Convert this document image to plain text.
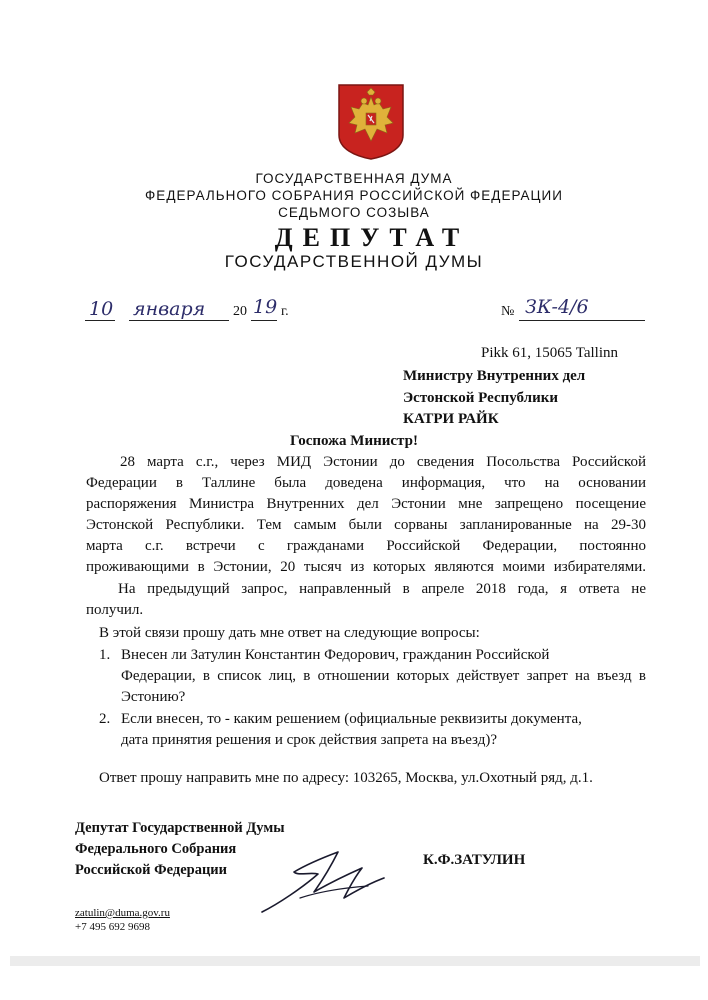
ГОСУДАРСТВЕННАЯ ДУМА
ФЕДЕРАЛЬНОГО СОБРАНИЯ РОССИЙСКОЙ ФЕДЕРАЦИИ
СЕДЬМОГО СОЗЫВА
ДЕПУТАТ
ГОСУДАРСТВЕННОЙ ДУМЫ
10 января 20 19 г.	№ ЗК-4/6
Pikk 61, 15065 Tallinn
Министру Внутренних дел
Эстонской Республики
КАТРИ РАЙК
Госпожа Министр!
28 марта с.г., через МИД Эстонии до сведения Посольства Российской
Федерации в Таллине была доведена информация, что на основании
распоряжения Министра Внутренних дел Эстонии мне запрещено посещение
Эстонской Республики. Тем самым были сорваны запланированные на 29-30
марта с.г. встречи с гражданами Российской Федерации, постоянно
проживающими в Эстонии, 20 тысяч из которых являются моими избирателями.
На предыдущий запрос, направленный в апреле 2018 года, я ответа не
получил.
В этой связи прошу дать мне ответ на следующие вопросы:
1. Внесен ли Затулин Константин Федорович, гражданин Российской
Федерации, в список лиц, в отношении которых действует запрет на въезд в
Эстонию?
2. Если внесен, то - каким решением (официальные реквизиты документа,
дата принятия решения и срок действия запрета на въезд)?
Ответ прошу направить мне по адресу: 103265, Москва, ул.Охотный ряд, д.1.
Депутат Государственной Думы
Федерального Собрания
Российской Федерации
К.Ф.ЗАТУЛИН
zatulin@duma.gov.ru
+7 495 692 9698
